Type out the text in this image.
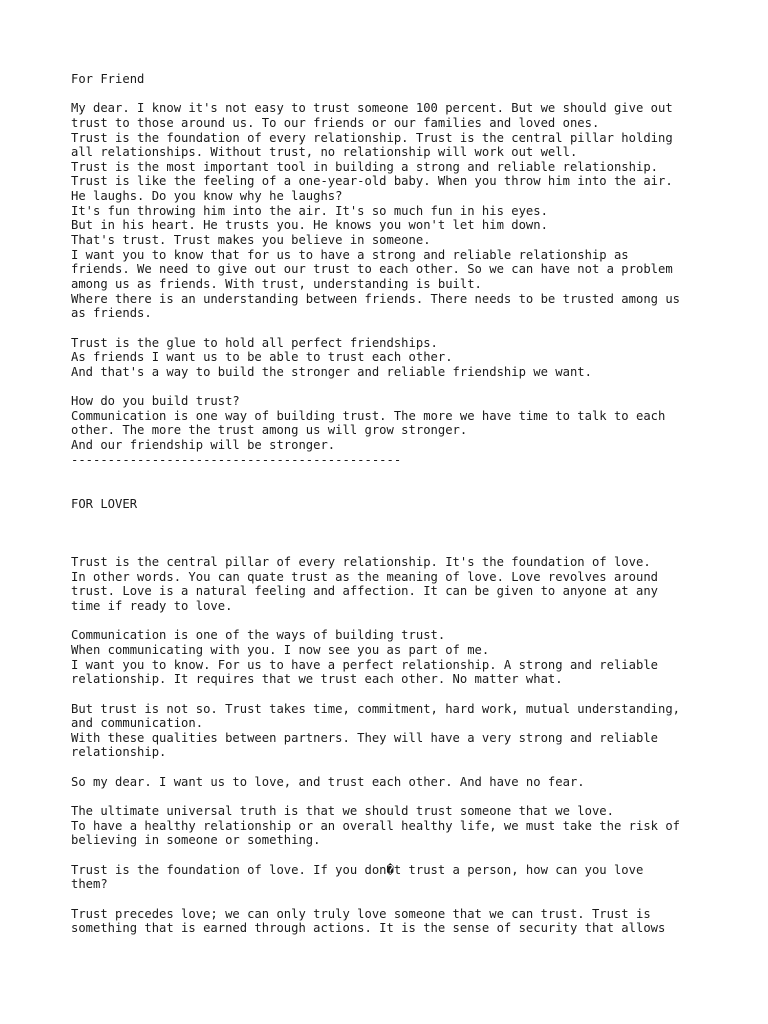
For Friend
My dear. I know it's not easy to trust someone 100 percent. But we should give out
trust to those around us. To our friends or our families and loved ones.
Trust is the foundation of every relationship. Trust is the central pillar holding
all relationships. Without trust, no relationship will work out well.
Trust is the most important tool in building a strong and reliable relationship.
Trust is like the feeling of a one-year-old baby. When you throw him into the air.
He laughs. Do you know why he laughs?
It's fun throwing him into the air. It's so much fun in his eyes.
But in his heart. He trusts you. He knows you won't let him down.
That's trust. Trust makes you believe in someone.
I want you to know that for us to have a strong and reliable relationship as
friends. We need to give out our trust to each other. So we can have not a problem
among us as friends. With trust, understanding is built.
Where there is an understanding between friends. There needs to be trusted among us
as friends.
Trust is the glue to hold all perfect friendships.
As friends I want us to be able to trust each other.
And that's a way to build the stronger and reliable friendship we want.
How do you build trust?
Communication is one way of building trust. The more we have time to talk to each
other. The more the trust among us will grow stronger.
And our friendship will be stronger.
---------------------------------------------
FOR LOVER
Trust is the central pillar of every relationship. It's the foundation of love.
In other words. You can quate trust as the meaning of love. Love revolves around
trust. Love is a natural feeling and affection. It can be given to anyone at any
time if ready to love.
Communication is one of the ways of building trust.
When communicating with you. I now see you as part of me.
I want you to know. For us to have a perfect relationship. A strong and reliable
relationship. It requires that we trust each other. No matter what.
But trust is not so. Trust takes time, commitment, hard work, mutual understanding,
and communication.
With these qualities between partners. They will have a very strong and reliable
relationship.
So my dear. I want us to love, and trust each other. And have no fear.
The ultimate universal truth is that we should trust someone that we love.
To have a healthy relationship or an overall healthy life, we must take the risk of
believing in someone or something.
Trust is the foundation of love. If you don�t trust a person, how can you love
them?
Trust precedes love; we can only truly love someone that we can trust. Trust is
something that is earned through actions. It is the sense of security that allows
